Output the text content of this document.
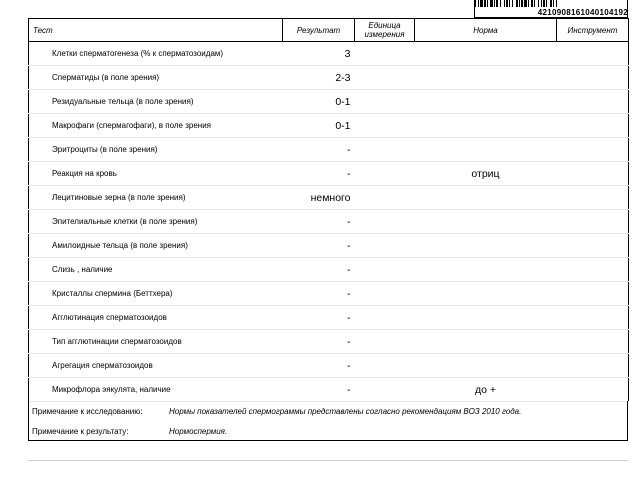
4210908161040104192
Тест	Результат	Единица измерения	Норма	Инструмент
Клетки сперматогенеза (% к сперматозоидам)	3			
Сперматиды (в поле зрения)	2-3			
Резидуальные тельца (в поле зрения)	0-1			
Макрофаги (спермагофаги), в поле зрения	0-1			
Эритроциты (в поле зрения)	-			
Реакция на кровь	-		отриц	
Лецитиновые зерна (в поле зрения)	немного			
Эпителиальные клетки (в поле зрения)	-			
Амилоидные тельца (в поле зрения)	-			
Слизь , наличие	-			
Кристаллы спермина (Беттхера)	-			
Агглютинация сперматозоидов	-			
Тип агглютинации сперматозоидов	-			
Агрегация сперматозоидов	-			
Микрофлора эякулята, наличие	-		до +	
Примечание к исследованию:	Нормы показателей спермограммы представлены согласно рекомендациям ВОЗ 2010 года.
Примечание к результату:	Нормоспермия.
